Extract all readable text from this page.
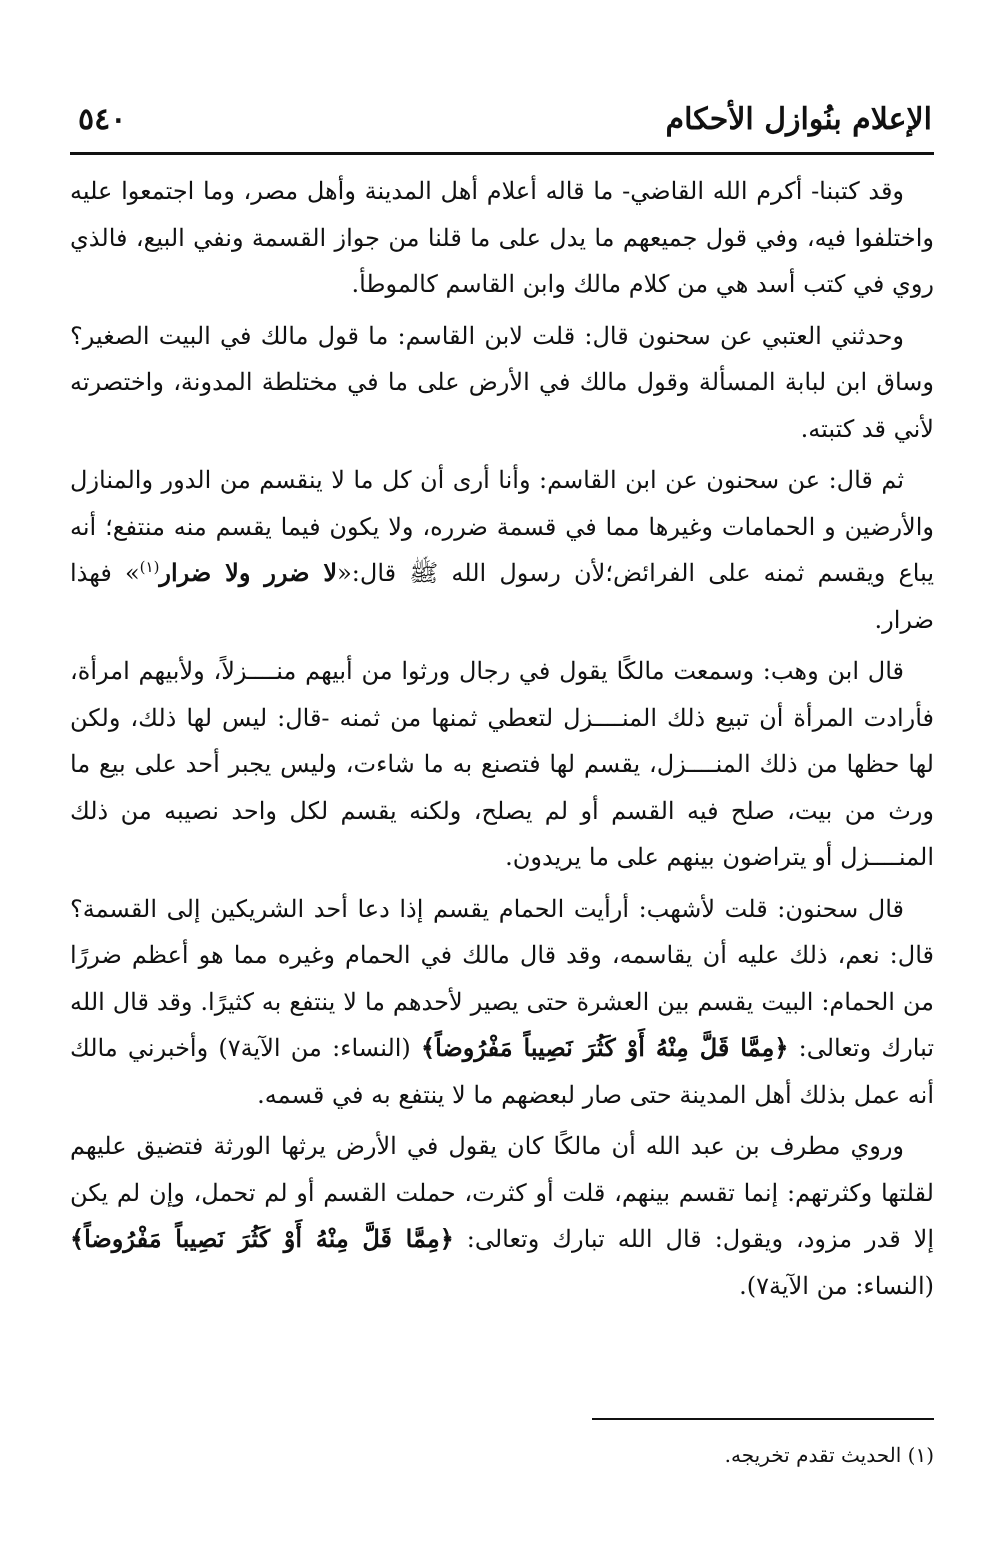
الإعلام بنُوازل الأحكام
٥٤٠

وقد كتبنا- أكرم الله القاضي- ما قاله أعلام أهل المدينة وأهل مصر، وما اجتمعوا عليه واختلفوا فيه، وفي قول جميعهم ما يدل على ما قلنا من جواز القسمة ونفي البيع، فالذي روي في كتب أسد هي من كلام مالك وابن القاسم كالموطأ.

وحدثني العتبي عن سحنون قال: قلت لابن القاسم: ما قول مالك في البيت الصغير؟ وساق ابن لبابة المسألة وقول مالك في الأرض على ما في مختلطة المدونة، واختصرته لأني قد كتبته.

ثم قال: عن سحنون عن ابن القاسم: وأنا أرى أن كل ما لا ينقسم من الدور والمنازل والأرضين و الحمامات وغيرها مما في قسمة ضرره، ولا يكون فيما يقسم منه منتفع؛ أنه يباع ويقسم ثمنه على الفرائض؛لأن رسول الله ﷺ قال:«لا ضرر ولا ضرار$^{(١)}$» فهذا ضرار.

قال ابن وهب: وسمعت مالكًا يقول في رجال ورثوا من أبيهم منــــزلاً، ولأبيهم امرأة، فأرادت المرأة أن تبيع ذلك المنــــزل لتعطي ثمنها من ثمنه -قال: ليس لها ذلك، ولكن لها حظها من ذلك المنــــزل، يقسم لها فتصنع به ما شاءت، وليس يجبر أحد على بيع ما ورث من بيت، صلح فيه القسم أو لم يصلح، ولكنه يقسم لكل واحد نصيبه من ذلك المنــــزل أو يتراضون بينهم على ما يريدون.

قال سحنون: قلت لأشهب: أرأيت الحمام يقسم إذا دعا أحد الشريكين إلى القسمة؟ قال: نعم، ذلك عليه أن يقاسمه، وقد قال مالك في الحمام وغيره مما هو أعظم ضررًا من الحمام: البيت يقسم بين العشرة حتى يصير لأحدهم ما لا ينتفع به كثيرًا. وقد قال الله تبارك وتعالى: ﴿مِمَّا قَلَّ مِنْهُ أَوْ كَثُرَ نَصِيباً مَفْرُوضاً﴾ (النساء: من الآية٧) وأخبرني مالك أنه عمل بذلك أهل المدينة حتى صار لبعضهم ما لا ينتفع به في قسمه.

وروي مطرف بن عبد الله أن مالكًا كان يقول في الأرض يرثها الورثة فتضيق عليهم لقلتها وكثرتهم: إنما تقسم بينهم، قلت أو كثرت، حملت القسم أو لم تحمل، وإن لم يكن إلا قدر مزود، ويقول: قال الله تبارك وتعالى: ﴿مِمَّا قَلَّ مِنْهُ أَوْ كَثُرَ نَصِيباً مَفْرُوضاً﴾ (النساء: من الآية٧).

(١) الحديث تقدم تخريجه.
